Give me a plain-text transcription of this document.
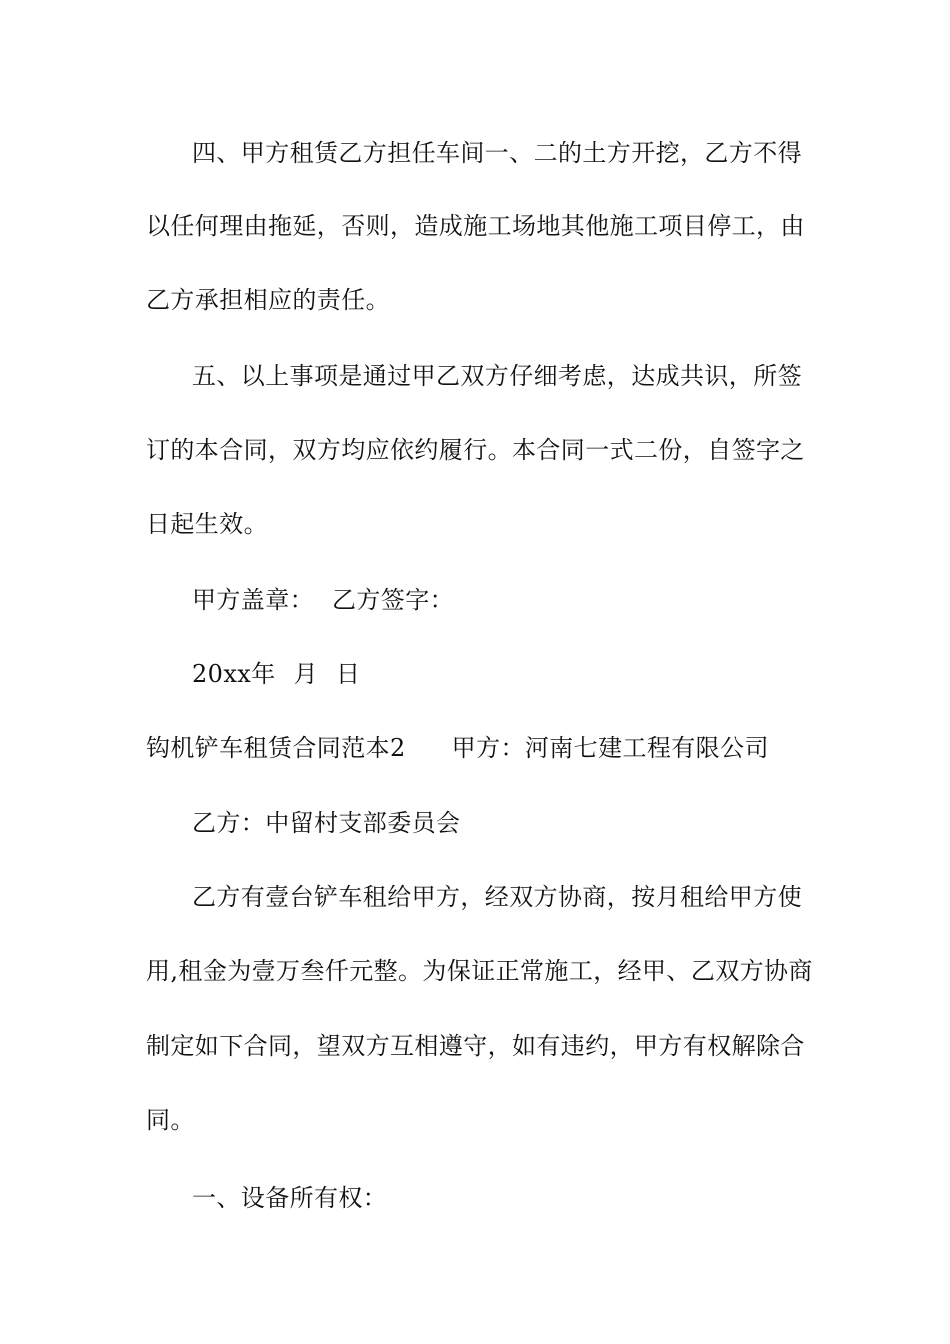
四、甲方租赁乙方担任车间一、二的土方开挖，乙方不得
以任何理由拖延，否则，造成施工场地其他施工项目停工，由
乙方承担相应的责任。
五、以上事项是通过甲乙双方仔细考虑，达成共识，所签
订的本合同，双方均应依约履行。本合同一式二份，自签字之
日起生效。
甲方盖章： 乙方签字：
20xx年 月 日
钩机铲车租赁合同范本2 甲方：河南七建工程有限公司
乙方：中留村支部委员会
乙方有壹台铲车租给甲方，经双方协商，按月租给甲方使
用,租金为壹万叁仟元整。为保证正常施工，经甲、乙双方协商
制定如下合同，望双方互相遵守，如有违约，甲方有权解除合
同。
一、设备所有权：
